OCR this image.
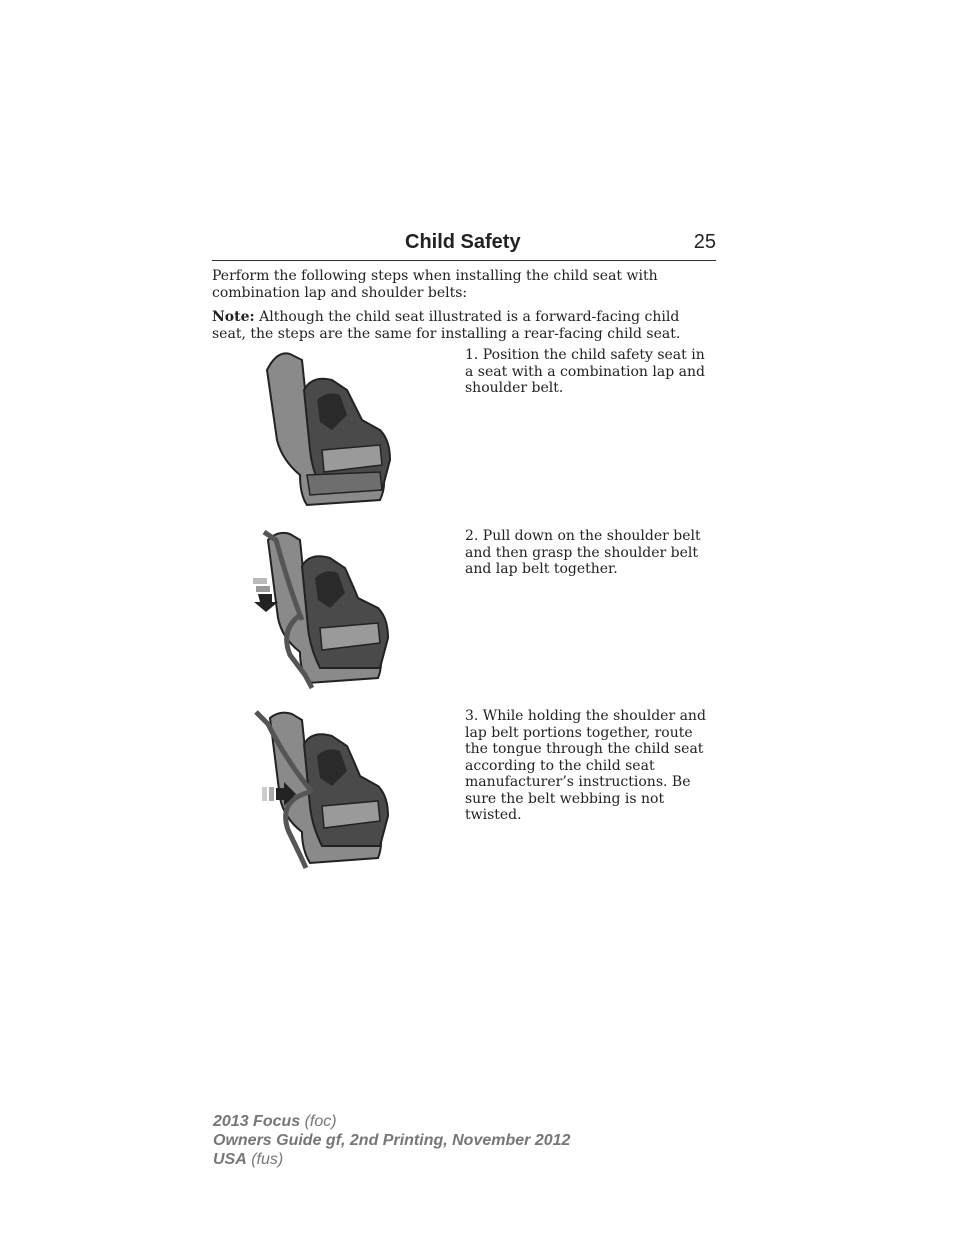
Child Safety	25

Perform the following steps when installing the child seat with combination lap and shoulder belts:

Note: Although the child seat illustrated is a forward-facing child seat, the steps are the same for installing a rear-facing child seat.

1. Position the child safety seat in a seat with a combination lap and shoulder belt.

2. Pull down on the shoulder belt and then grasp the shoulder belt and lap belt together.

3. While holding the shoulder and lap belt portions together, route the tongue through the child seat according to the child seat manufacturer’s instructions. Be sure the belt webbing is not twisted.

2013 Focus (foc)
Owners Guide gf, 2nd Printing, November 2012
USA (fus)
